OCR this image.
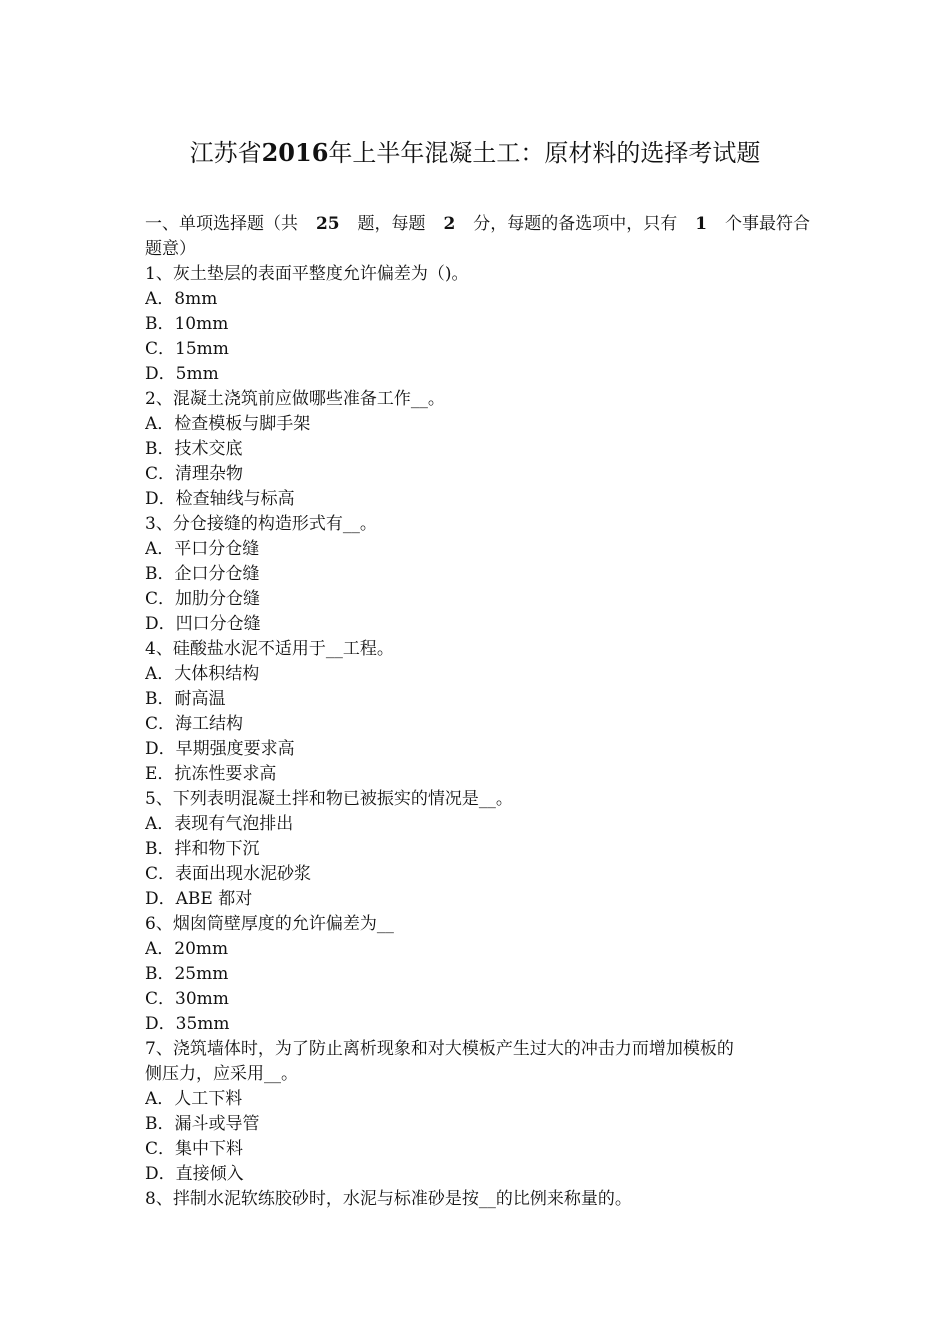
江苏省2016年上半年混凝土工：原材料的选择考试题
一、单项选择题（共 25 题，每题 2 分，每题的备选项中，只有 1 个事最符合
题意）
1、灰土垫层的表面平整度允许偏差为（)。
A．8mm
B．10mm
C．15mm
D．5mm
2、混凝土浇筑前应做哪些准备工作__。
A．检查模板与脚手架
B．技术交底
C．清理杂物
D．检查轴线与标高
3、分仓接缝的构造形式有__。
A．平口分仓缝
B．企口分仓缝
C．加肋分仓缝
D．凹口分仓缝
4、硅酸盐水泥不适用于__工程。
A．大体积结构
B．耐高温
C．海工结构
D．早期强度要求高
E．抗冻性要求高
5、下列表明混凝土拌和物已被振实的情况是__。
A．表现有气泡排出
B．拌和物下沉
C．表面出现水泥砂浆
D．ABE 都对
6、烟囱筒壁厚度的允许偏差为__
A．20mm
B．25mm
C．30mm
D．35mm
7、浇筑墙体时，为了防止离析现象和对大模板产生过大的冲击力而增加模板的
侧压力，应采用__。
A．人工下料
B．漏斗或导管
C．集中下料
D．直接倾入
8、拌制水泥软练胶砂时，水泥与标准砂是按__的比例来称量的。
